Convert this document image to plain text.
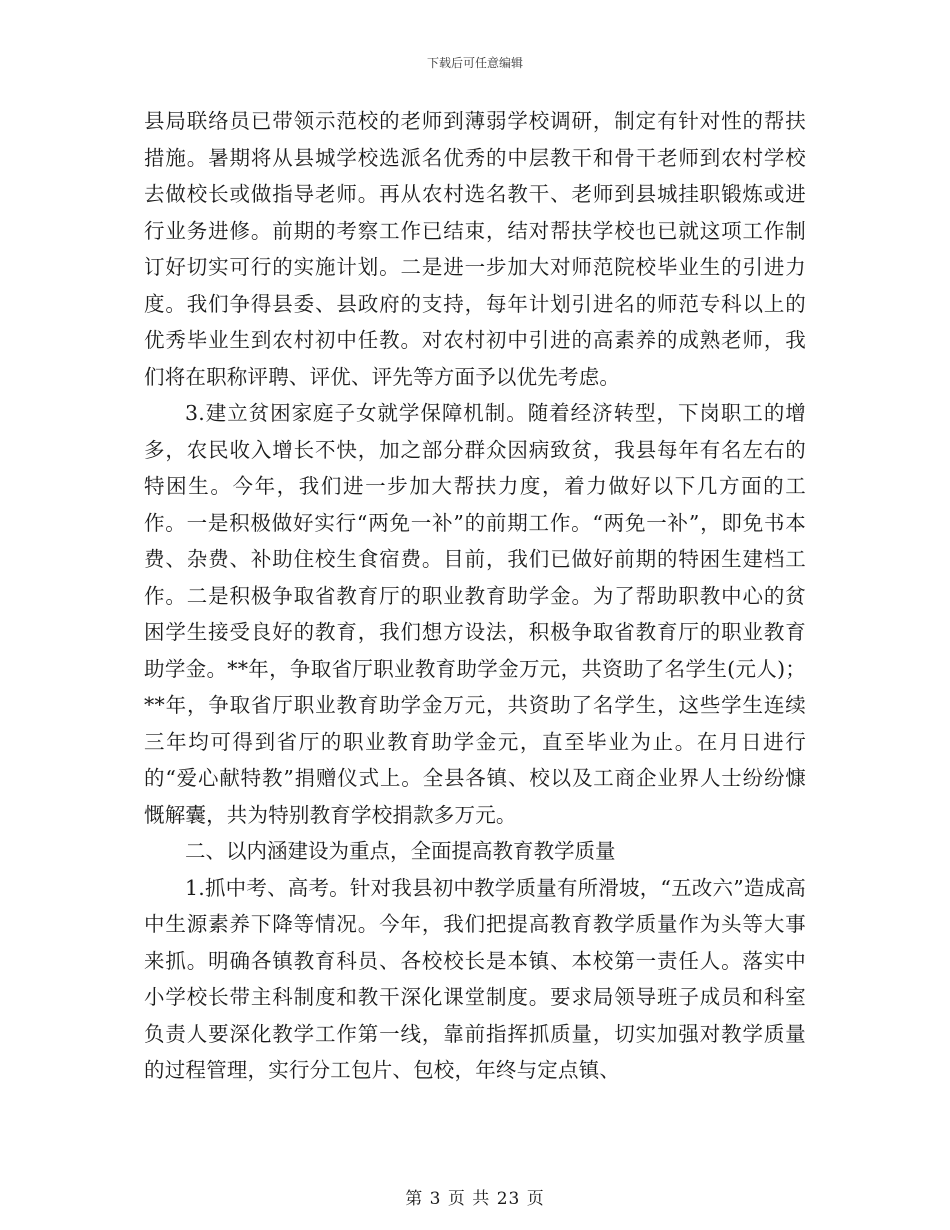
下载后可任意编辑

县局联络员已带领示范校的老师到薄弱学校调研，制定有针对性的帮扶措施。暑期将从县城学校选派名优秀的中层教干和骨干老师到农村学校去做校长或做指导老师。再从农村选名教干、老师到县城挂职锻炼或进行业务进修。前期的考察工作已结束，结对帮扶学校也已就这项工作制订好切实可行的实施计划。二是进一步加大对师范院校毕业生的引进力度。我们争得县委、县政府的支持，每年计划引进名的师范专科以上的优秀毕业生到农村初中任教。对农村初中引进的高素养的成熟老师，我们将在职称评聘、评优、评先等方面予以优先考虑。

3.建立贫困家庭子女就学保障机制。随着经济转型，下岗职工的增多，农民收入增长不快，加之部分群众因病致贫，我县每年有名左右的特困生。今年，我们进一步加大帮扶力度，着力做好以下几方面的工作。一是积极做好实行“两免一补”的前期工作。“两免一补”，即免书本费、杂费、补助住校生食宿费。目前，我们已做好前期的特困生建档工作。二是积极争取省教育厅的职业教育助学金。为了帮助职教中心的贫困学生接受良好的教育，我们想方设法，积极争取省教育厅的职业教育助学金。**年，争取省厅职业教育助学金万元，共资助了名学生(元人)；**年，争取省厅职业教育助学金万元，共资助了名学生，这些学生连续三年均可得到省厅的职业教育助学金元，直至毕业为止。在月日进行的“爱心献特教”捐赠仪式上。全县各镇、校以及工商企业界人士纷纷慷慨解囊，共为特别教育学校捐款多万元。

二、以内涵建设为重点，全面提高教育教学质量

1.抓中考、高考。针对我县初中教学质量有所滑坡，“五改六”造成高中生源素养下降等情况。今年，我们把提高教育教学质量作为头等大事来抓。明确各镇教育科员、各校校长是本镇、本校第一责任人。落实中小学校长带主科制度和教干深化课堂制度。要求局领导班子成员和科室负责人要深化教学工作第一线，靠前指挥抓质量，切实加强对教学质量的过程管理，实行分工包片、包校，年终与定点镇、

第 3 页 共 23 页
